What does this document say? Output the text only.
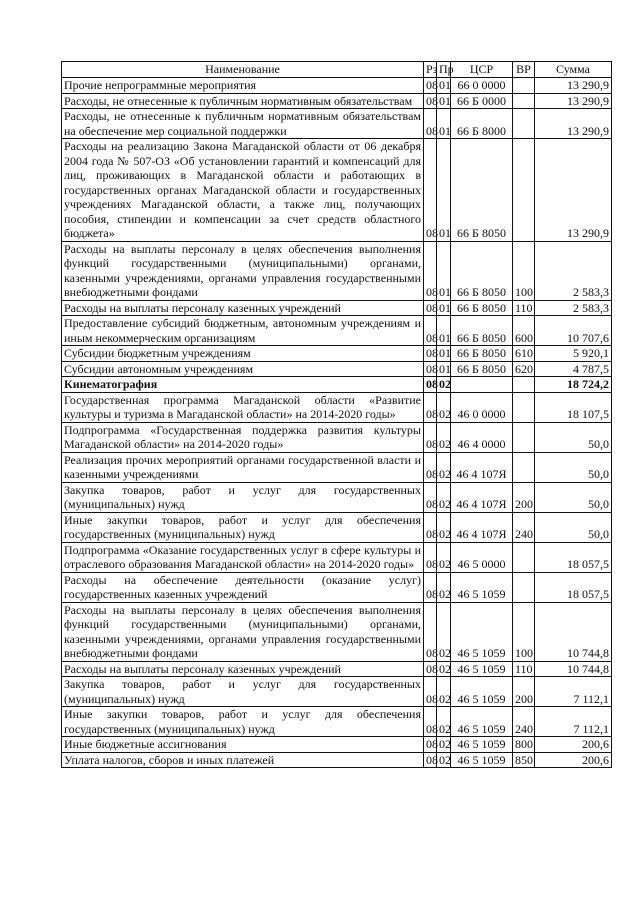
Наименование	Рз	Пр	ЦСР	ВР	Сумма
Прочие непрограммные мероприятия	08	01	66 0 0000		13 290,9
Расходы, не отнесенные к публичным нормативным обязательствам	08	01	66 Б 0000		13 290,9
Расходы, не отнесенные к публичным нормативным обязательствам на обеспечение мер социальной поддержки	08	01	66 Б 8000		13 290,9
Расходы на реализацию Закона Магаданской области от 06 декабря 2004 года № 507-ОЗ «Об установлении гарантий и компенсаций для лиц, проживающих в Магаданской области и работающих в государственных органах Магаданской области и государственных учреждениях Магаданской области, а также лиц, получающих пособия, стипендии и компенсации за счет средств областного бюджета»	08	01	66 Б 8050		13 290,9
Расходы на выплаты персоналу в целях обеспечения выполнения функций государственными (муниципальными) органами, казенными учреждениями, органами управления государственными внебюджетными фондами	08	01	66 Б 8050	100	2 583,3
Расходы на выплаты персоналу казенных учреждений	08	01	66 Б 8050	110	2 583,3
Предоставление субсидий бюджетным, автономным учреждениям и иным некоммерческим организациям	08	01	66 Б 8050	600	10 707,6
Субсидии бюджетным учреждениям	08	01	66 Б 8050	610	5 920,1
Субсидии автономным учреждениям	08	01	66 Б 8050	620	4 787,5
Кинематография	08	02			18 724,2
Государственная программа Магаданской области «Развитие культуры и туризма в Магаданской области» на 2014-2020 годы»	08	02	46 0 0000		18 107,5
Подпрограмма «Государственная поддержка развития культуры Магаданской области» на 2014-2020 годы»	08	02	46 4 0000		50,0
Реализация прочих мероприятий органами государственной власти и казенными учреждениями	08	02	46 4 107Я		50,0
Закупка товаров, работ и услуг для государственных (муниципальных) нужд	08	02	46 4 107Я	200	50,0
Иные закупки товаров, работ и услуг для обеспечения государственных (муниципальных) нужд	08	02	46 4 107Я	240	50,0
Подпрограмма «Оказание государственных услуг в сфере культуры и отраслевого образования Магаданской области» на 2014-2020 годы»	08	02	46 5 0000		18 057,5
Расходы на обеспечение деятельности (оказание услуг) государственных казенных учреждений	08	02	46 5 1059		18 057,5
Расходы на выплаты персоналу в целях обеспечения выполнения функций государственными (муниципальными) органами, казенными учреждениями, органами управления государственными внебюджетными фондами	08	02	46 5 1059	100	10 744,8
Расходы на выплаты персоналу казенных учреждений	08	02	46 5 1059	110	10 744,8
Закупка товаров, работ и услуг для государственных (муниципальных) нужд	08	02	46 5 1059	200	7 112,1
Иные закупки товаров, работ и услуг для обеспечения государственных (муниципальных) нужд	08	02	46 5 1059	240	7 112,1
Иные бюджетные ассигнования	08	02	46 5 1059	800	200,6
Уплата налогов, сборов и иных платежей	08	02	46 5 1059	850	200,6
